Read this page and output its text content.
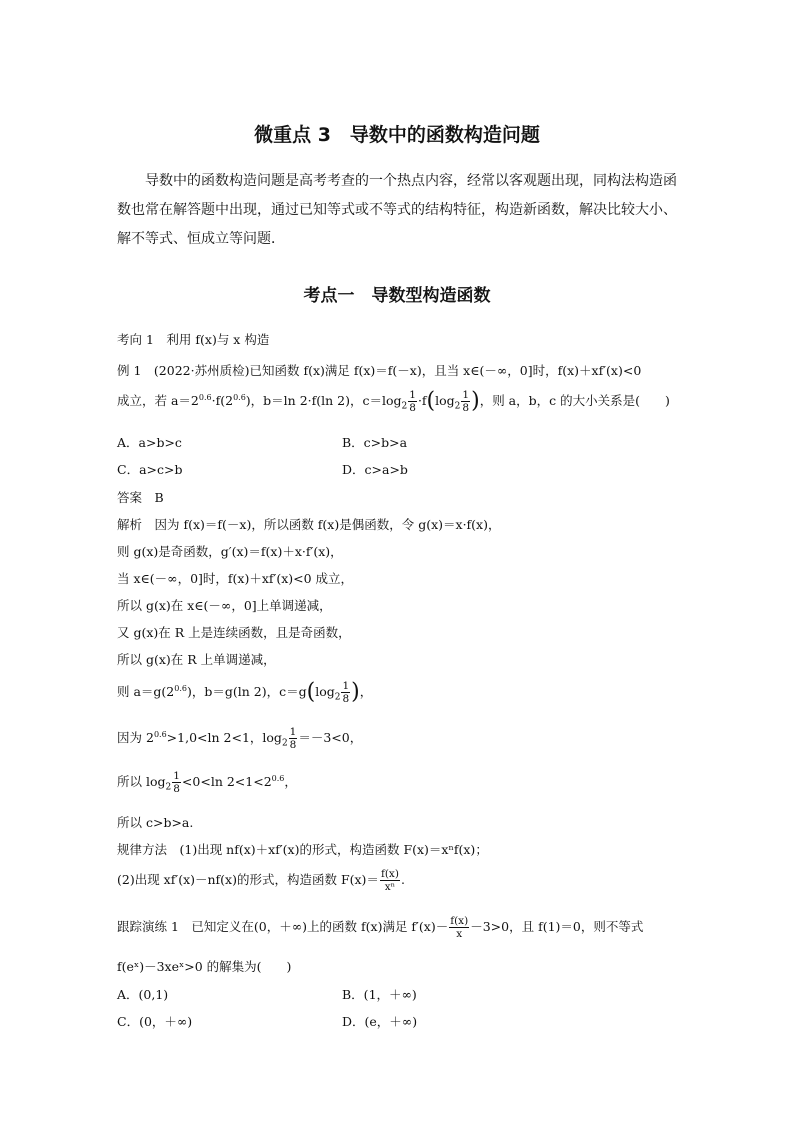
微重点 3　导数中的函数构造问题
导数中的函数构造问题是高考考查的一个热点内容，经常以客观题出现，同构法构造函数也常在解答题中出现，通过已知等式或不等式的结构特征，构造新函数，解决比较大小、解不等式、恒成立等问题．
考点一　导数型构造函数
考向 1　利用 f(x)与 x 构造
例 1　(2022·苏州质检)已知函数 f(x)满足 f(x)＝f(－x)，且当 x∈(－∞，0]时，f(x)＋xf′(x)<0
成立，若 $a=2^{0.6}\cdot f(2^{0.6})$，b＝ln 2·f(ln 2)，$c=\log_2 \frac{1}{8} \cdot f(\log_2 \frac{1}{8}$ )，则 a，b，c 的大小关系是(　　)
A．a>b>c	B．c>b>a
C．a>c>b	D．c>a>b
答案　B
解析　因为 f(x)＝f(－x)，所以函数 f(x)是偶函数，令 g(x)＝x·f(x)，
则 g(x)是奇函数，g′(x)＝f(x)＋x·f′(x)，
当 x∈(－∞，0]时，f(x)＋xf′(x)<0 成立，
所以 g(x)在 x∈(－∞，0]上单调递减，
又 g(x)在 R 上是连续函数，且是奇函数，
所以 g(x)在 R 上单调递减，
则 $a=g(2^{0.6})$，b＝g(ln 2)，$c=g(\log_2 \frac{1}{8}$ )，
因为 $2^{0.6}>1,0<\ln$ 2<1，$\log_2 \frac{1}{8} =-3<0$，
所以 $\log_2 \frac{1}{8} <0<\ln$ $2<1<2^{0.6}$，
所以 c>b>a.
规律方法　(1)出现 nf(x)＋xf′(x)的形式，构造函数 F(x)＝xⁿf(x)；
(2)出现 xf′(x)－nf(x)的形式，构造函数 $F(x)= \frac{f(x)}{\text{xⁿ}}$ .
跟踪演练 1　已知定义在(0，＋∞)上的函数 f(x)满足 $f'(x)- \frac{f(x)}{x} -3>0$，且 f(1)＝0，则不等式
f(eˣ)－3xeˣ>0 的解集为(　　)
A．(0,1)	B．(1，＋∞)
C．(0，＋∞)	D．(e，＋∞)
